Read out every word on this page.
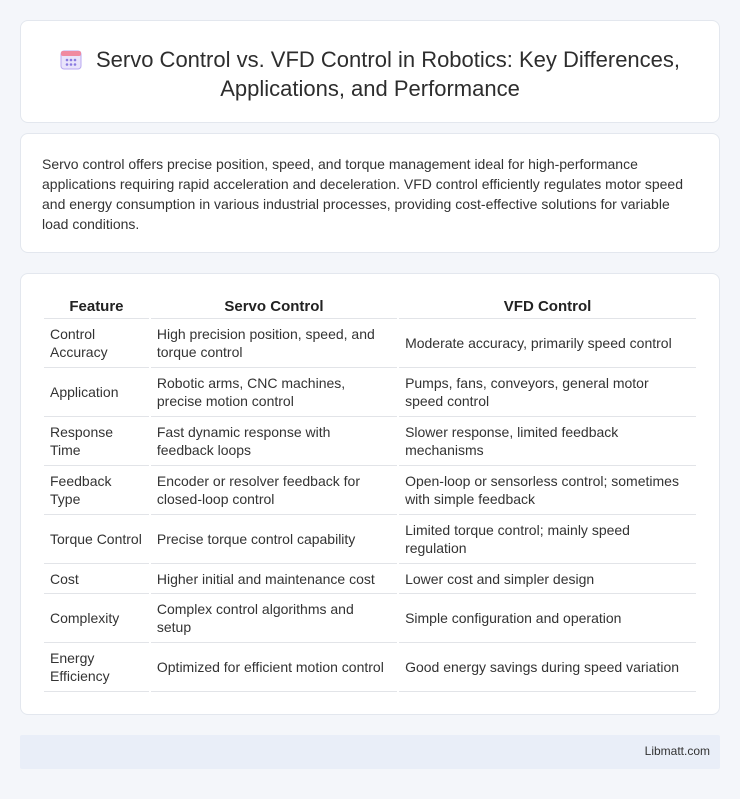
Servo Control vs. VFD Control in Robotics: Key Differences, Applications, and Performance

Servo control offers precise position, speed, and torque management ideal for high-performance applications requiring rapid acceleration and deceleration. VFD control efficiently regulates motor speed and energy consumption in various industrial processes, providing cost-effective solutions for variable load conditions.

Feature	Servo Control	VFD Control
Control Accuracy	High precision position, speed, and torque control	Moderate accuracy, primarily speed control
Application	Robotic arms, CNC machines, precise motion control	Pumps, fans, conveyors, general motor speed control
Response Time	Fast dynamic response with feedback loops	Slower response, limited feedback mechanisms
Feedback Type	Encoder or resolver feedback for closed-loop control	Open-loop or sensorless control; sometimes with simple feedback
Torque Control	Precise torque control capability	Limited torque control; mainly speed regulation
Cost	Higher initial and maintenance cost	Lower cost and simpler design
Complexity	Complex control algorithms and setup	Simple configuration and operation
Energy Efficiency	Optimized for efficient motion control	Good energy savings during speed variation
Libmatt.com
